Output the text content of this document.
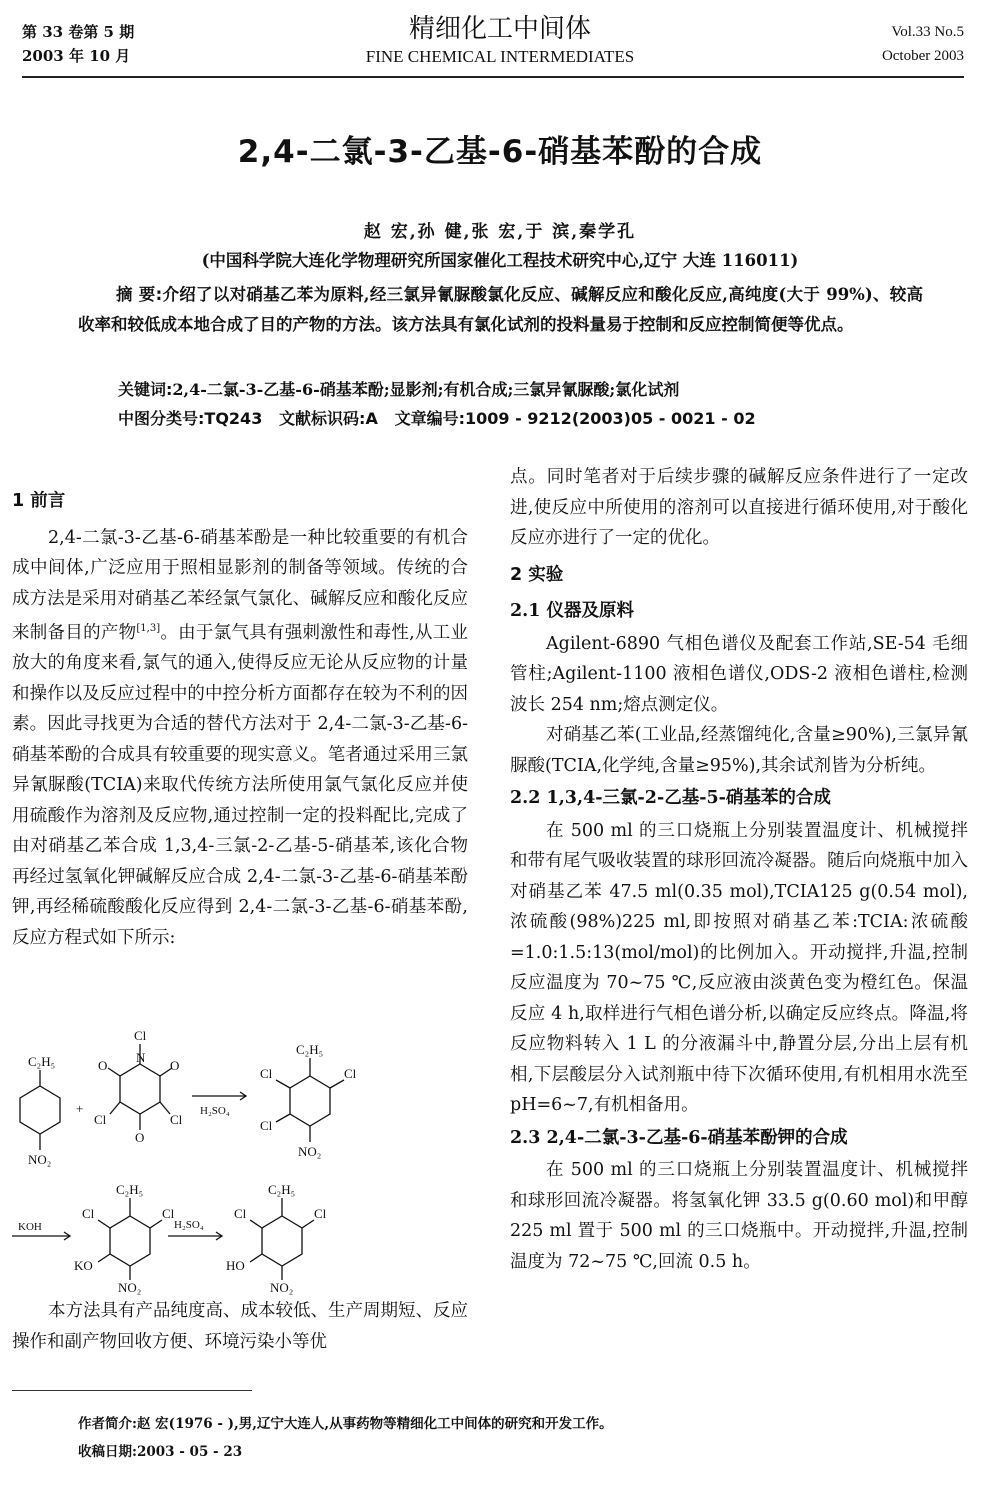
第 33 卷第 5 期
2003 年 10 月
精细化工中间体
FINE CHEMICAL INTERMEDIATES
Vol.33 No.5
October 2003
2,4-二氯-3-乙基-6-硝基苯酚的合成
赵 宏,孙 健,张 宏,于 滨,秦学孔
(中国科学院大连化学物理研究所国家催化工程技术研究中心,辽宁 大连 116011)

摘 要:介绍了以对硝基乙苯为原料,经三氯异氰脲酸氯化反应、碱解反应和酸化反应,高纯度(大于 99%)、较高收率和较低成本地合成了目的产物的方法。该方法具有氯化试剂的投料量易于控制和反应控制简便等优点。

关键词:2,4-二氯-3-乙基-6-硝基苯酚;显影剂;有机合成;三氯异氰脲酸;氯化试剂
中图分类号:TQ243 文献标识码:A 文章编号:1009 - 9212(2003)05 - 0021 - 02

1 前言

2,4-二氯-3-乙基-6-硝基苯酚是一种比较重要的有机合成中间体,广泛应用于照相显影剂的制备等领域。传统的合成方法是采用对硝基乙苯经氯气氯化、碱解反应和酸化反应来制备目的产物[1,3]。由于氯气具有强刺激性和毒性,从工业放大的角度来看,氯气的通入,使得反应无论从反应物的计量和操作以及反应过程中的中控分析方面都存在较为不利的因素。因此寻找更为合适的替代方法对于 2,4-二氯-3-乙基-6-硝基苯酚的合成具有较重要的现实意义。笔者通过采用三氯异氰脲酸(TCIA)来取代传统方法所使用氯气氯化反应并使用硫酸作为溶剂及反应物,通过控制一定的投料配比,完成了由对硝基乙苯合成 1,3,4-三氯-2-乙基-5-硝基苯,该化合物再经过氢氧化钾碱解反应合成 2,4-二氯-3-乙基-6-硝基苯酚钾,再经稀硫酸酸化反应得到 2,4-二氯-3-乙基-6-硝基苯酚,反应方程式如下所示:

C₂H₅
NO₂
+
Cl
N
O	O
Cl	Cl
O
H₂SO₄
C₂H₅
Cl	Cl
Cl
NO₂
KOH
C₂H₅
Cl	Cl
KO
NO₂
H₂SO₄
C₂H₅
Cl	Cl
HO
NO₂

本方法具有产品纯度高、成本较低、生产周期短、反应操作和副产物回收方便、环境污染小等优

点。同时笔者对于后续步骤的碱解反应条件进行了一定改进,使反应中所使用的溶剂可以直接进行循环使用,对于酸化反应亦进行了一定的优化。

2 实验

2.1 仪器及原料

Agilent-6890 气相色谱仪及配套工作站,SE-54 毛细管柱;Agilent-1100 液相色谱仪,ODS-2 液相色谱柱,检测波长 254 nm;熔点测定仪。

对硝基乙苯(工业品,经蒸馏纯化,含量≥90%),三氯异氰脲酸(TCIA,化学纯,含量≥95%),其余试剂皆为分析纯。

2.2 1,3,4-三氯-2-乙基-5-硝基苯的合成

在 500 ml 的三口烧瓶上分别装置温度计、机械搅拌和带有尾气吸收装置的球形回流冷凝器。随后向烧瓶中加入对硝基乙苯 47.5 ml(0.35 mol),TCIA125 g(0.54 mol),浓硫酸(98%)225 ml,即按照对硝基乙苯:TCIA:浓硫酸=1.0:1.5:13(mol/mol)的比例加入。开动搅拌,升温,控制反应温度为 70~75 ℃,反应液由淡黄色变为橙红色。保温反应 4 h,取样进行气相色谱分析,以确定反应终点。降温,将反应物料转入 1 L 的分液漏斗中,静置分层,分出上层有机相,下层酸层分入试剂瓶中待下次循环使用,有机相用水洗至 pH=6~7,有机相备用。

2.3 2,4-二氯-3-乙基-6-硝基苯酚钾的合成

在 500 ml 的三口烧瓶上分别装置温度计、机械搅拌和球形回流冷凝器。将氢氧化钾 33.5 g(0.60 mol)和甲醇 225 ml 置于 500 ml 的三口烧瓶中。开动搅拌,升温,控制温度为 72~75 ℃,回流 0.5 h。

作者简介:赵 宏(1976 - ),男,辽宁大连人,从事药物等精细化工中间体的研究和开发工作。
收稿日期:2003 - 05 - 23
